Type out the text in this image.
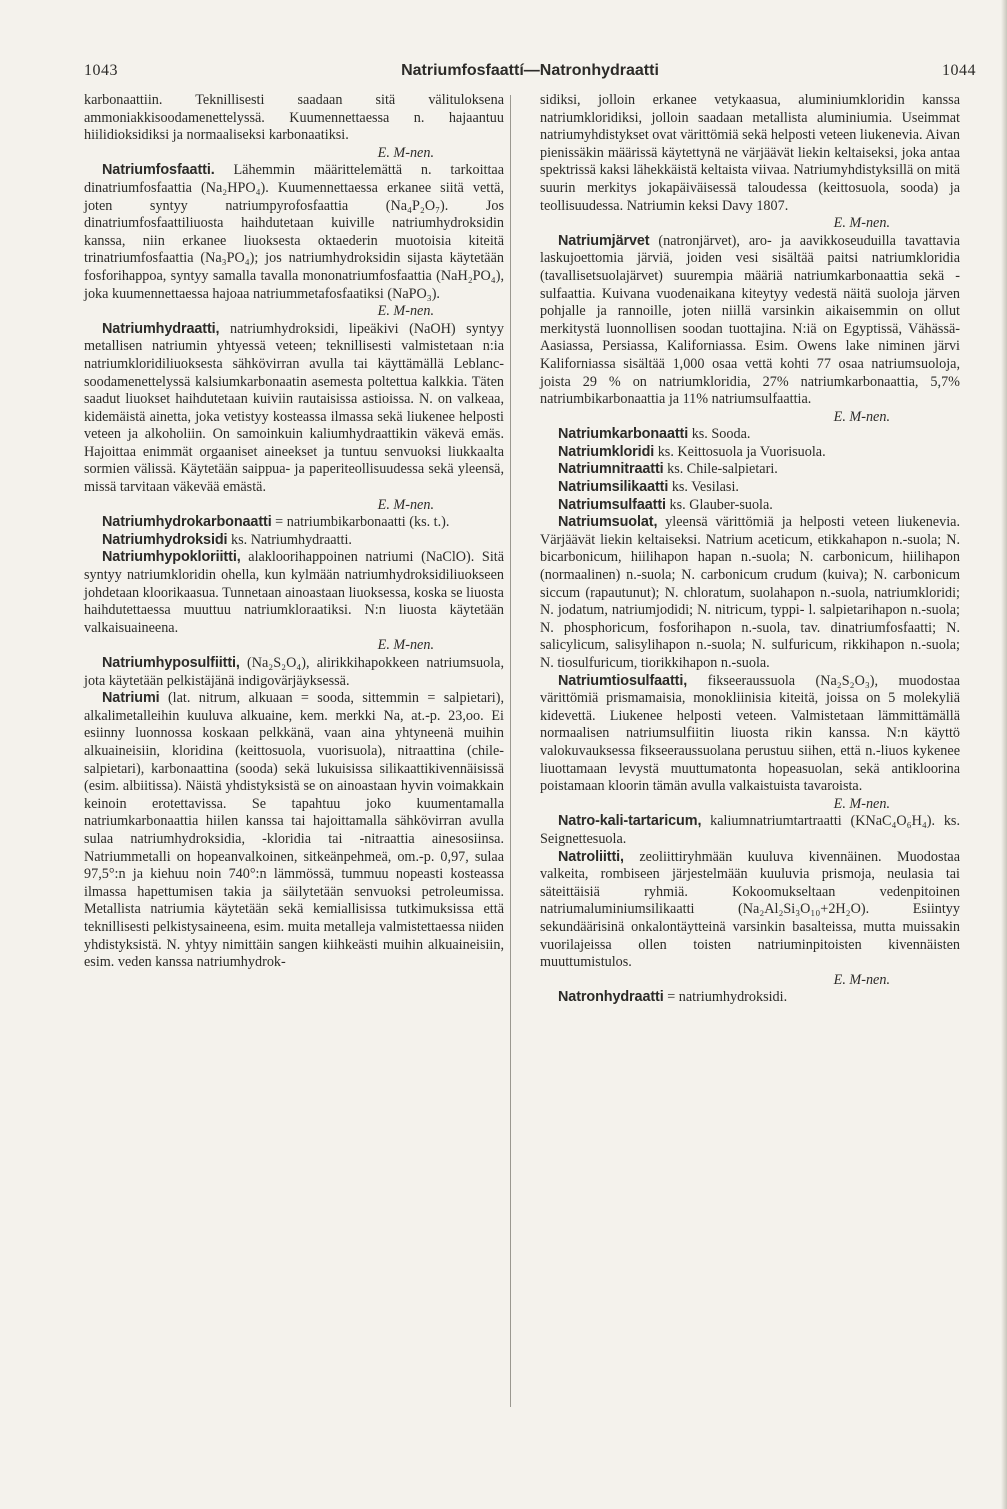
1043	Natriumfosfaattí—Natronhydraatti	1044

karbonaattiin. Teknillisesti saadaan sitä välituloksena ammoniakkisoodamenettelyssä. Kuumennettaessa n. hajaantuu hiilidioksidiksi ja normaaliseksi karbonaatiksi.
E. M-nen.

Natriumfosfaatti. Lähemmin määrittelemättä n. tarkoittaa dinatriumfosfaattia (Na₂HPO₄). Kuumennettaessa erkanee siitä vettä, joten syntyy natriumpyrofosfaattia (Na₄P₂O₇). Jos dinatriumfosfaattiliuosta haihdutetaan kuiville natriumhydroksidin kanssa, niin erkanee liuoksesta oktaederin muotoisia kiteitä trinatriumfosfaattia (Na₃PO₄); jos natriumhydroksidin sijasta käytetään fosforihappoa, syntyy samalla tavalla mononatriumfosfaattia (NaH₂PO₄), joka kuumennettaessa hajoaa natriummetafosfaatiksi (NaPO₃).
E. M-nen.

Natriumhydraatti, natriumhydroksidi, lipeäkivi (NaOH) syntyy metallisen natriumin yhtyessä veteen; teknillisesti valmistetaan n:ia natriumkloridiliuoksesta sähkövirran avulla tai käyttämällä Leblanc-soodamenettelyssä kalsiumkarbonaatin asemesta poltettua kalkkia. Täten saadut liuokset haihdutetaan kuiviin rautaisissa astioissa. N. on valkeaa, kidemäistä ainetta, joka vetistyy kosteassa ilmassa sekä liukenee helposti veteen ja alkoholiin. On samoinkuin kaliumhydraattikin väkevä emäs. Hajoittaa enimmät orgaaniset aineekset ja tuntuu senvuoksi liukkaalta sormien välissä. Käytetään saippua- ja paperiteollisuudessa sekä yleensä, missä tarvitaan väkevää emästä.
E. M-nen.

Natriumhydrokarbonaatti = natriumbikarbonaatti (ks. t.).

Natriumhydroksidi ks. Natriumhydraatti.

Natriumhypokloriitti, alakloorihappoinen natriumi (NaClO). Sitä syntyy natriumkloridin ohella, kun kylmään natriumhydroksidiliuokseen johdetaan kloorikaasua. Tunnetaan ainoastaan liuoksessa, koska se liuosta haihdutettaessa muuttuu natriumkloraatiksi. N:n liuosta käytetään valkaisuaineena.
E. M-nen.

Natriumhyposulfiitti, (Na₂S₂O₄), alirikkihapokkeen natriumsuola, jota käytetään pelkistäjänä indigovärjäyksessä.

Natriumi (lat. nitrum, alkuaan = sooda, sittemmin = salpietari), alkalimetalleihin kuuluva alkuaine, kem. merkki Na, at.-p. 23,oo. Ei esiinny luonnossa koskaan pelkkänä, vaan aina yhtyneenä muihin alkuaineisiin, kloridina (keittosuola, vuorisuola), nitraattina (chile-salpietari), karbonaattina (sooda) sekä lukuisissa silikaattikivennäisissä (esim. albiitissa). Näistä yhdistyksistä se on ainoastaan hyvin voimakkain keinoin erotettavissa. Se tapahtuu joko kuumentamalla natriumkarbonaattia hiilen kanssa tai hajoittamalla sähkövirran avulla sulaa natriumhydroksidia, -kloridia tai -nitraattia ainesosiinsa. Natriummetalli on hopeanvalkoinen, sitkeänpehmeä, om.-p. 0,97, sulaa 97,5°:n ja kiehuu noin 740°:n lämmössä, tummuu nopeasti kosteassa ilmassa hapettumisen takia ja säilytetään senvuoksi petroleumissa. Metallista natriumia käytetään sekä kemiallisissa tutkimuksissa että teknillisesti pelkistysaineena, esim. muita metalleja valmistettaessa niiden yhdistyksistä. N. yhtyy nimittäin sangen kiihkeästi muihin alkuaineisiin, esim. veden kanssa natriumhydrok-

sidiksi, jolloin erkanee vetykaasua, aluminiumkloridin kanssa natriumkloridiksi, jolloin saadaan metallista aluminiumia. Useimmat natriumyhdistykset ovat värittömiä sekä helposti veteen liukenevia. Aivan pienissäkin määrissä käytettynä ne värjäävät liekin keltaiseksi, joka antaa spektrissä kaksi lähekkäistä keltaista viivaa. Natriumyhdistyksillä on mitä suurin merkitys jokapäiväisessä taloudessa (keittosuola, sooda) ja teollisuudessa. Natriumin keksi Davy 1807.
E. M-nen.

Natriumjärvet (natronjärvet), aro- ja aavikkoseuduilla tavattavia laskujoettomia järviä, joiden vesi sisältää paitsi natriumkloridia (tavallisetsuolajärvet) suurempia määriä natriumkarbonaattia sekä -sulfaattia. Kuivana vuodenaikana kiteytyy vedestä näitä suoloja järven pohjalle ja rannoille, joten niillä varsinkin aikaisemmin on ollut merkitystä luonnollisen soodan tuottajina. N:iä on Egyptissä, Vähässä-Aasiassa, Persiassa, Kaliforniassa. Esim. Owens lake niminen järvi Kaliforniassa sisältää 1,000 osaa vettä kohti 77 osaa natriumsuoloja, joista 29 % on natriumkloridia, 27% natriumkarbonaattia, 5,7% natriumbikarbonaattia ja 11% natriumsulfaattia.
E. M-nen.

Natriumkarbonaatti ks. Sooda.

Natriumkloridi ks. Keittosuola ja Vuorisuola.

Natriumnitraatti ks. Chile-salpietari.

Natriumsilikaatti ks. Vesilasi.

Natriumsulfaatti ks. Glauber-suola.

Natriumsuolat, yleensä värittömiä ja helposti veteen liukenevia. Värjäävät liekin keltaiseksi. Natrium aceticum, etikkahapon n.-suola; N. bicarbonicum, hiilihapon hapan n.-suola; N. carbonicum, hiilihapon (normaalinen) n.-suola; N. carbonicum crudum (kuiva); N. carbonicum siccum (rapautunut); N. chloratum, suolahapon n.-suola, natriumkloridi; N. jodatum, natriumjodidi; N. nitricum, typpi- l. salpietarihapon n.-suola; N. phosphoricum, fosforihapon n.-suola, tav. dinatriumfosfaatti; N. salicylicum, salisylihapon n.-suola; N. sulfuricum, rikkihapon n.-suola; N. tiosulfuricum, tiorikkihapon n.-suola.

Natriumtiosulfaatti, fikseeraussuola (Na₂S₂O₃), muodostaa värittömiä prismamaisia, monokliinisia kiteitä, joissa on 5 molekyliä kidevettä. Liukenee helposti veteen. Valmistetaan lämmittämällä normaalisen natriumsulfiitin liuosta rikin kanssa. N:n käyttö valokuvauksessa fikseeraussuolana perustuu siihen, että n.-liuos kykenee liuottamaan levystä muuttumatonta hopeasuolan, sekä antikloorina poistamaan kloorin tämän avulla valkaistuista tavaroista.
E. M-nen.

Natro-kali-tartaricum, kaliumnatriumtartraatti (KNaC₄O₆H₄). ks. Seignettesuola.

Natroliitti, zeoliittiryhmään kuuluva kivennäinen. Muodostaa valkeita, rombiseen järjestelmään kuuluvia prismoja, neulasia tai säteittäisiä ryhmiä. Kokoomukseltaan vedenpitoinen natriumaluminiumsilikaatti (Na₂Al₂Si₃O₁₀+2H₂O). Esiintyy sekundäärisinä onkalontäytteinä varsinkin basalteissa, mutta muissakin vuorilajeissa ollen toisten natriuminpitoisten kivennäisten muuttumistulos.
E. M-nen.

Natronhydraatti = natriumhydroksidi.
